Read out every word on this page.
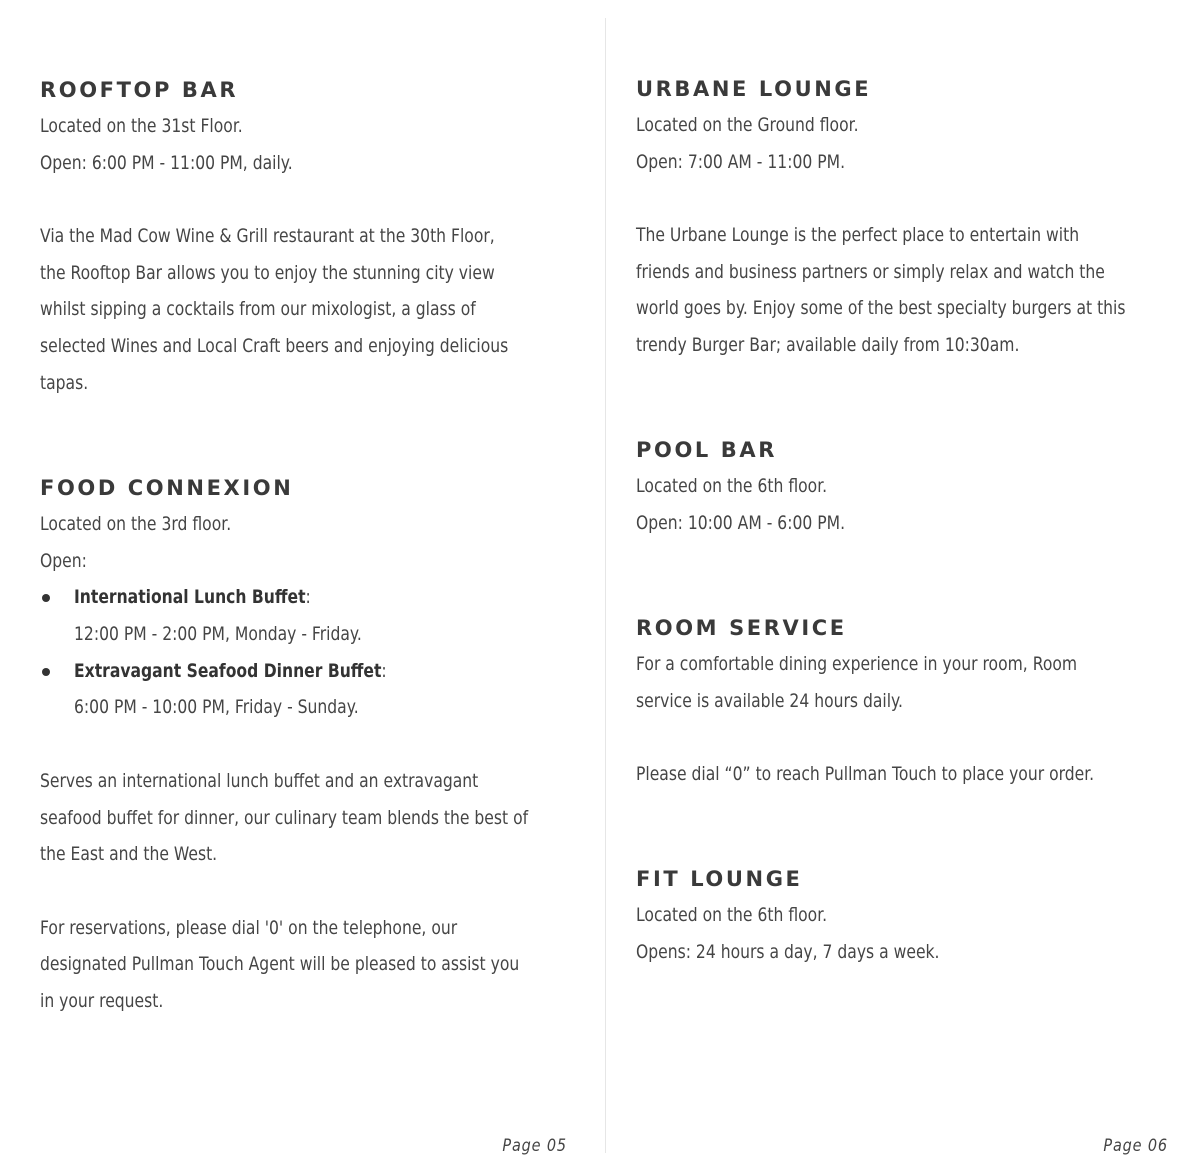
ROOFTOP BAR
Located on the 31st Floor.
Open: 6:00 PM - 11:00 PM, daily.
Via the Mad Cow Wine & Grill restaurant at the 30th Floor,
the Rooftop Bar allows you to enjoy the stunning city view
whilst sipping a cocktails from our mixologist, a glass of
selected Wines and Local Craft beers and enjoying delicious
tapas.
FOOD CONNEXION
Located on the 3rd floor.
Open:
International Lunch Buffet:
12:00 PM - 2:00 PM, Monday - Friday.
Extravagant Seafood Dinner Buffet:
6:00 PM - 10:00 PM, Friday - Sunday.
Serves an international lunch buffet and an extravagant
seafood buffet for dinner, our culinary team blends the best of
the East and the West.
For reservations, please dial '0' on the telephone, our
designated Pullman Touch Agent will be pleased to assist you
in your request.
Page 05
URBANE LOUNGE
Located on the Ground floor.
Open: 7:00 AM - 11:00 PM.
The Urbane Lounge is the perfect place to entertain with
friends and business partners or simply relax and watch the
world goes by. Enjoy some of the best specialty burgers at this
trendy Burger Bar; available daily from 10:30am.
POOL BAR
Located on the 6th floor.
Open: 10:00 AM - 6:00 PM.
ROOM SERVICE
For a comfortable dining experience in your room, Room
service is available 24 hours daily.
Please dial “0” to reach Pullman Touch to place your order.
FIT LOUNGE
Located on the 6th floor.
Opens: 24 hours a day, 7 days a week.
Page 06
